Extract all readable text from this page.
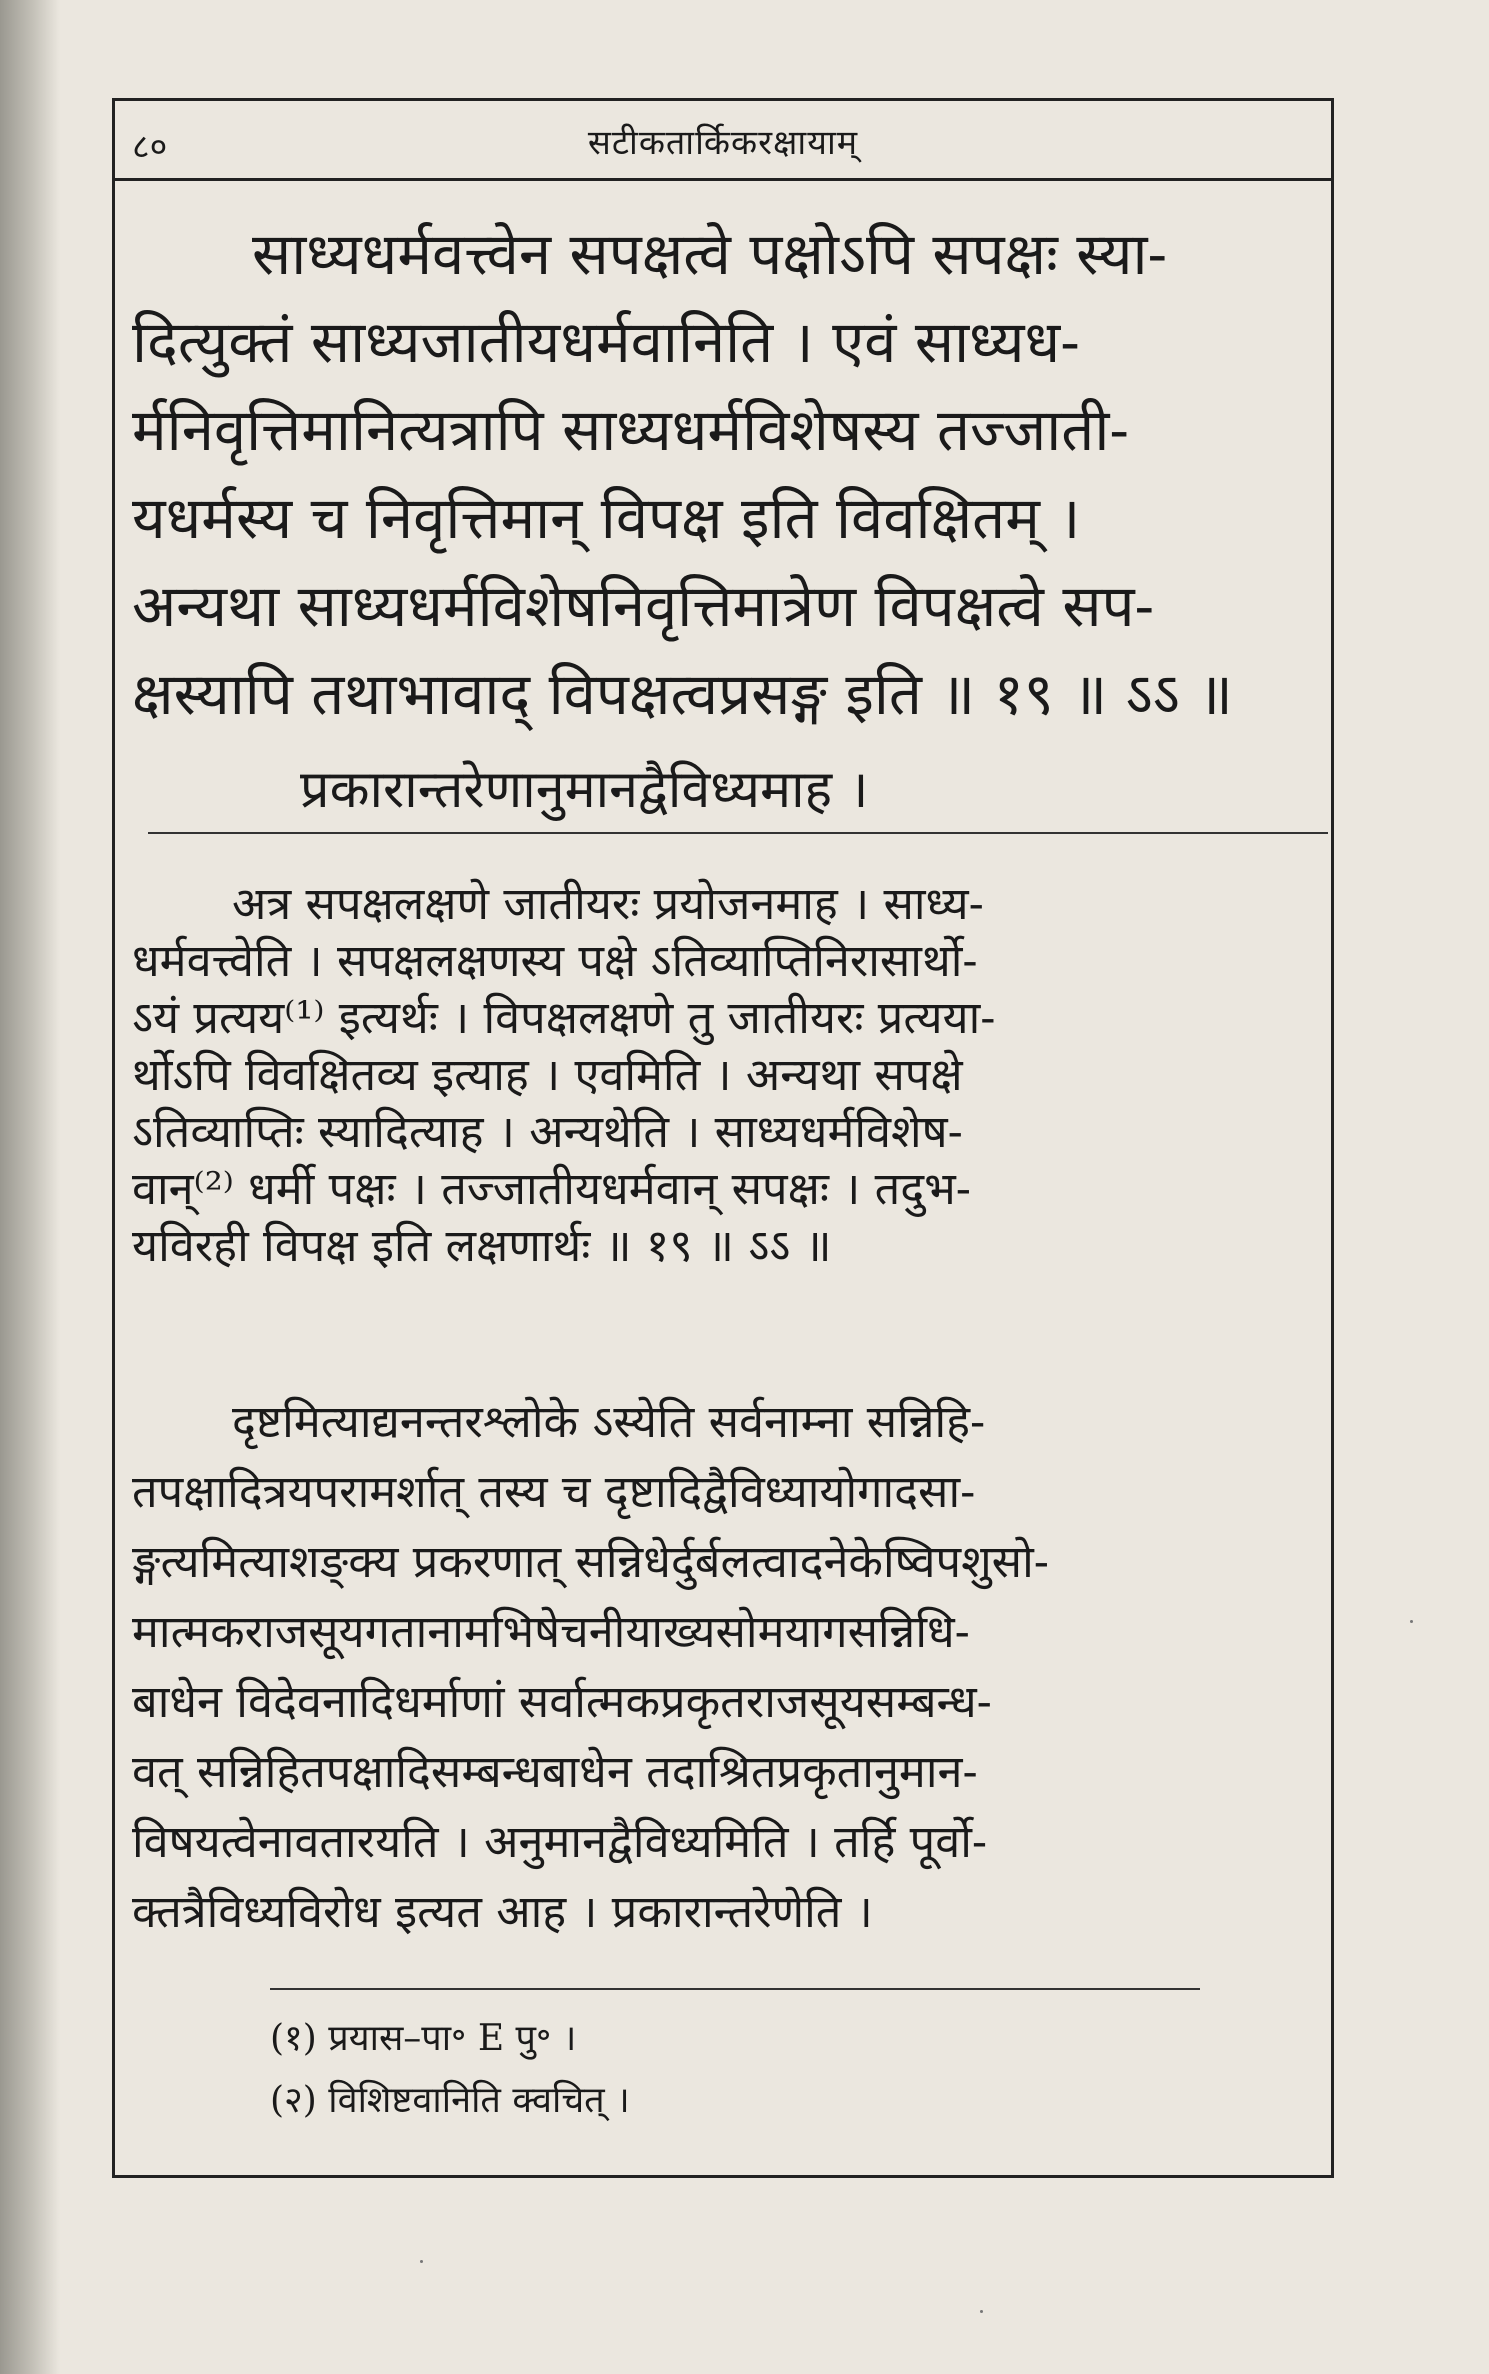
८०	सटीकतार्किकरक्षायाम्
साध्यधर्मवत्त्वेन सपक्षत्वे पक्षोऽपि सपक्षः स्या-
दित्युक्तं साध्यजातीयधर्मवानिति । एवं साध्यध-
र्मनिवृत्तिमानित्यत्रापि साध्यधर्मविशेषस्य तज्जाती-
यधर्मस्य च निवृत्तिमान् विपक्ष इति विवक्षितम् ।
अन्यथा साध्यधर्मविशेषनिवृत्तिमात्रेण विपक्षत्वे सप-
क्षस्यापि तथाभावाद् विपक्षत्वप्रसङ्ग इति ॥ १९ ॥ ऽऽ ॥
प्रकारान्तरेणानुमानद्वैविध्यमाह ।
अत्र सपक्षलक्षणे जातीयरः प्रयोजनमाह । साध्य-
धर्मवत्त्वेति । सपक्षलक्षणस्य पक्षे ऽतिव्याप्तिनिरासार्थो-
ऽयं प्रत्यय⁽¹⁾ इत्यर्थः । विपक्षलक्षणे तु जातीयरः प्रत्यया-
र्थोऽपि विवक्षितव्य इत्याह । एवमिति । अन्यथा सपक्षे
ऽतिव्याप्तिः स्यादित्याह । अन्यथेति । साध्यधर्मविशेष-
वान्⁽²⁾ धर्मी पक्षः । तज्जातीयधर्मवान् सपक्षः । तदुभ-
यविरही विपक्ष इति लक्षणार्थः ॥ १९ ॥ ऽऽ ॥
दृष्टमित्याद्यनन्तरश्लोके ऽस्येति सर्वनाम्ना सन्निहि-
तपक्षादित्रयपरामर्शात् तस्य च दृष्टादिद्वैविध्यायोगादसा-
ङ्गत्यमित्याशङ्क्य प्रकरणात् सन्निधेर्दुर्बलत्वादनेकेष्विपशुसो-
मात्मकराजसूयगतानामभिषेचनीयाख्यसोमयागसन्निधि-
बाधेन विदेवनादिधर्माणां सर्वात्मकप्रकृतराजसूयसम्बन्ध-
वत् सन्निहितपक्षादिसम्बन्धबाधेन तदाश्रितप्रकृतानुमान-
विषयत्वेनावतारयति । अनुमानद्वैविध्यमिति । तर्हि पूर्वो-
क्तत्रैविध्यविरोध इत्यत आह । प्रकारान्तरेणेति ।
(१) प्रयास–पा॰ E पु॰ ।
(२) विशिष्टवानिति क्वचित् ।
